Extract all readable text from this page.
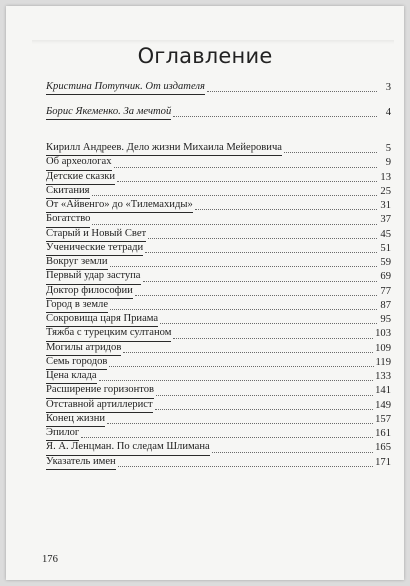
Оглавление
Кристина Потупчик. От издателя	3
Борис Якеменко. За мечтой	4
Кирилл Андреев. Дело жизни Михаила Мейеровича	5
Об археологах	9
Детские сказки	13
Скитания	25
От «Айвенго» до «Тилемахиды»	31
Богатство	37
Старый и Новый Свет	45
Ученические тетради	51
Вокруг земли	59
Первый удар заступа	69
Доктор философии	77
Город в земле	87
Сокровища царя Приама	95
Тяжба с турецким султаном	103
Могилы атридов	109
Семь городов	119
Цена клада	133
Расширение горизонтов	141
Отставной артиллерист	149
Конец жизни	157
Эпилог	161
Я. А. Ленцман. По следам Шлимана	165
Указатель имен	171
176
